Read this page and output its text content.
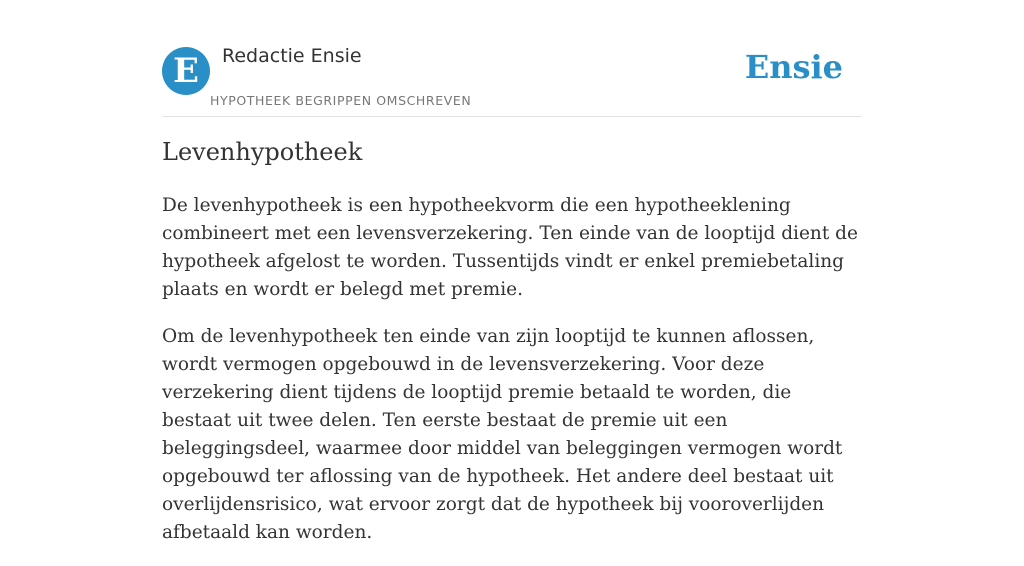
E	Redactie Ensie
HYPOTHEEK BEGRIPPEN OMSCHREVEN
Ensie
Levenhypotheek

De levenhypotheek is een hypotheekvorm die een hypotheeklening combineert met een levensverzekering. Ten einde van de looptijd dient de hypotheek afgelost te worden. Tussentijds vindt er enkel premiebetaling plaats en wordt er belegd met premie.

Om de levenhypotheek ten einde van zijn looptijd te kunnen aflossen, wordt vermogen opgebouwd in de levensverzekering. Voor deze verzekering dient tijdens de looptijd premie betaald te worden, die bestaat uit twee delen. Ten eerste bestaat de premie uit een beleggingsdeel, waarmee door middel van beleggingen vermogen wordt opgebouwd ter aflossing van de hypotheek. Het andere deel bestaat uit overlijdensrisico, wat ervoor zorgt dat de hypotheek bij vooroverlijden afbetaald kan worden.
